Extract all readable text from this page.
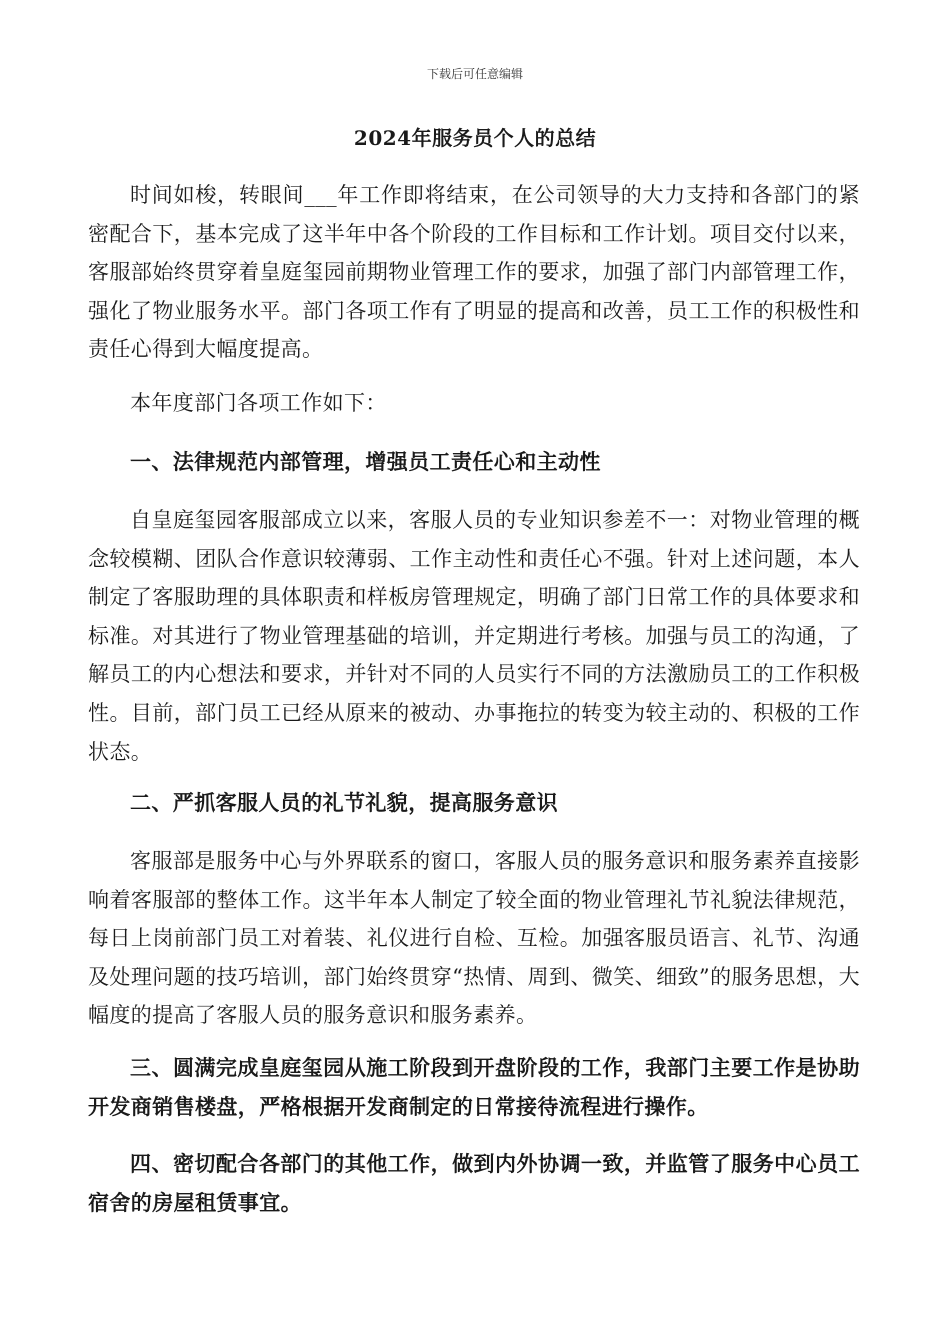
下载后可任意编辑
2024年服务员个人的总结

时间如梭，转眼间___年工作即将结束，在公司领导的大力支持和各部门的紧密配合下，基本完成了这半年中各个阶段的工作目标和工作计划。项目交付以来，客服部始终贯穿着皇庭玺园前期物业管理工作的要求，加强了部门内部管理工作，强化了物业服务水平。部门各项工作有了明显的提高和改善，员工工作的积极性和责任心得到大幅度提高。

本年度部门各项工作如下：

一、法律规范内部管理，增强员工责任心和主动性

自皇庭玺园客服部成立以来，客服人员的专业知识参差不一：对物业管理的概念较模糊、团队合作意识较薄弱、工作主动性和责任心不强。针对上述问题，本人制定了客服助理的具体职责和样板房管理规定，明确了部门日常工作的具体要求和标准。对其进行了物业管理基础的培训，并定期进行考核。加强与员工的沟通，了解员工的内心想法和要求，并针对不同的人员实行不同的方法激励员工的工作积极性。目前，部门员工已经从原来的被动、办事拖拉的转变为较主动的、积极的工作状态。

二、严抓客服人员的礼节礼貌，提高服务意识

客服部是服务中心与外界联系的窗口，客服人员的服务意识和服务素养直接影响着客服部的整体工作。这半年本人制定了较全面的物业管理礼节礼貌法律规范，每日上岗前部门员工对着装、礼仪进行自检、互检。加强客服员语言、礼节、沟通及处理问题的技巧培训，部门始终贯穿“热情、周到、微笑、细致”的服务思想，大幅度的提高了客服人员的服务意识和服务素养。

三、圆满完成皇庭玺园从施工阶段到开盘阶段的工作，我部门主要工作是协助开发商销售楼盘，严格根据开发商制定的日常接待流程进行操作。

四、密切配合各部门的其他工作，做到内外协调一致，并监管了服务中心员工宿舍的房屋租赁事宜。
